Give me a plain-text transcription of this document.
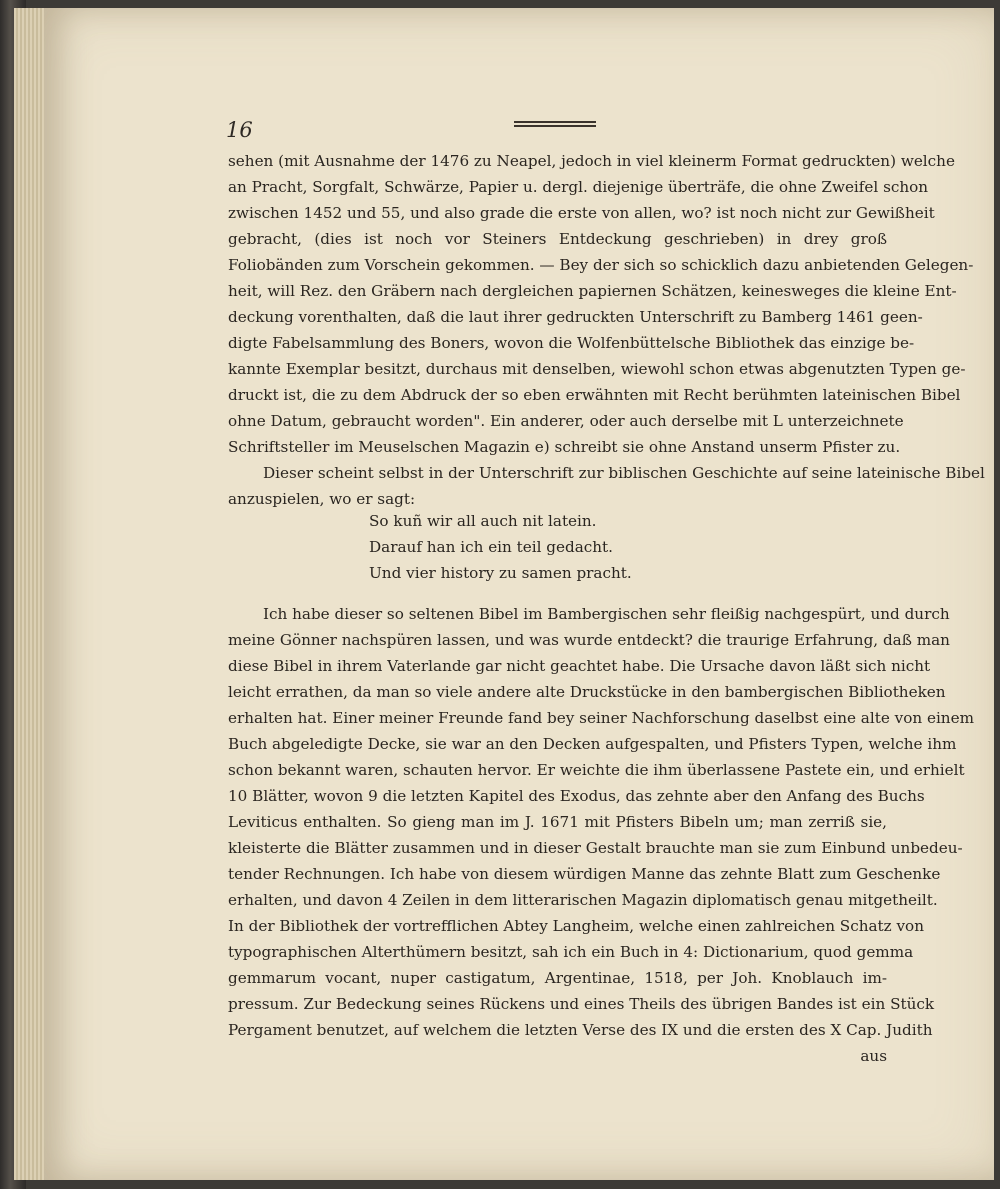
16
sehen (mit Ausnahme der 1476 zu Neapel, jedoch in viel kleinerm Format gedruckten) welche
an Pracht, Sorgfalt, Schwärze, Papier u. dergl. diejenige überträfe, die ohne Zweifel schon
zwischen 1452 und 55, und also grade die erste von allen, wo? ist noch nicht zur Gewißheit
gebracht, (dies ist noch vor Steiners Entdeckung geschrieben) in drey groß
Foliobänden zum Vorschein gekommen. — Bey der sich so schicklich dazu anbietenden Gelegen-
heit, will Rez. den Gräbern nach dergleichen papiernen Schätzen, keinesweges die kleine Ent-
deckung vorenthalten, daß die laut ihrer gedruckten Unterschrift zu Bamberg 1461 geen-
digte Fabelsammlung des Boners, wovon die Wolfenbüttelsche Bibliothek das einzige be-
kannte Exemplar besitzt, durchaus mit denselben, wiewohl schon etwas abgenutzten Typen ge-
druckt ist, die zu dem Abdruck der so eben erwähnten mit Recht berühmten lateinischen Bibel
ohne Datum, gebraucht worden". Ein anderer, oder auch derselbe mit L unterzeichnete
Schriftsteller im Meuselschen Magazin e) schreibt sie ohne Anstand unserm Pfister zu.
Dieser scheint selbst in der Unterschrift zur biblischen Geschichte auf seine lateinische Bibel
anzuspielen, wo er sagt:
So kuñ wir all auch nit latein.
Darauf han ich ein teil gedacht.
Und vier history zu samen pracht.
Ich habe dieser so seltenen Bibel im Bambergischen sehr fleißig nachgespürt, und durch
meine Gönner nachspüren lassen, und was wurde entdeckt? die traurige Erfahrung, daß man
diese Bibel in ihrem Vaterlande gar nicht geachtet habe. Die Ursache davon läßt sich nicht
leicht errathen, da man so viele andere alte Druckstücke in den bambergischen Bibliotheken
erhalten hat. Einer meiner Freunde fand bey seiner Nachforschung daselbst eine alte von einem
Buch abgeledigte Decke, sie war an den Decken aufgespalten, und Pfisters Typen, welche ihm
schon bekannt waren, schauten hervor. Er weichte die ihm überlassene Pastete ein, und erhielt
10 Blätter, wovon 9 die letzten Kapitel des Exodus, das zehnte aber den Anfang des Buchs
Leviticus enthalten. So gieng man im J. 1671 mit Pfisters Bibeln um; man zerriß sie,
kleisterte die Blätter zusammen und in dieser Gestalt brauchte man sie zum Einbund unbedeu-
tender Rechnungen. Ich habe von diesem würdigen Manne das zehnte Blatt zum Geschenke
erhalten, und davon 4 Zeilen in dem litterarischen Magazin diplomatisch genau mitgetheilt.
In der Bibliothek der vortrefflichen Abtey Langheim, welche einen zahlreichen Schatz von
typographischen Alterthümern besitzt, sah ich ein Buch in 4: Dictionarium, quod gemma
gemmarum vocant, nuper castigatum, Argentinae, 1518, per Joh. Knoblauch im-
pressum. Zur Bedeckung seines Rückens und eines Theils des übrigen Bandes ist ein Stück
Pergament benutzet, auf welchem die letzten Verse des IX und die ersten des X Cap. Judith
aus
